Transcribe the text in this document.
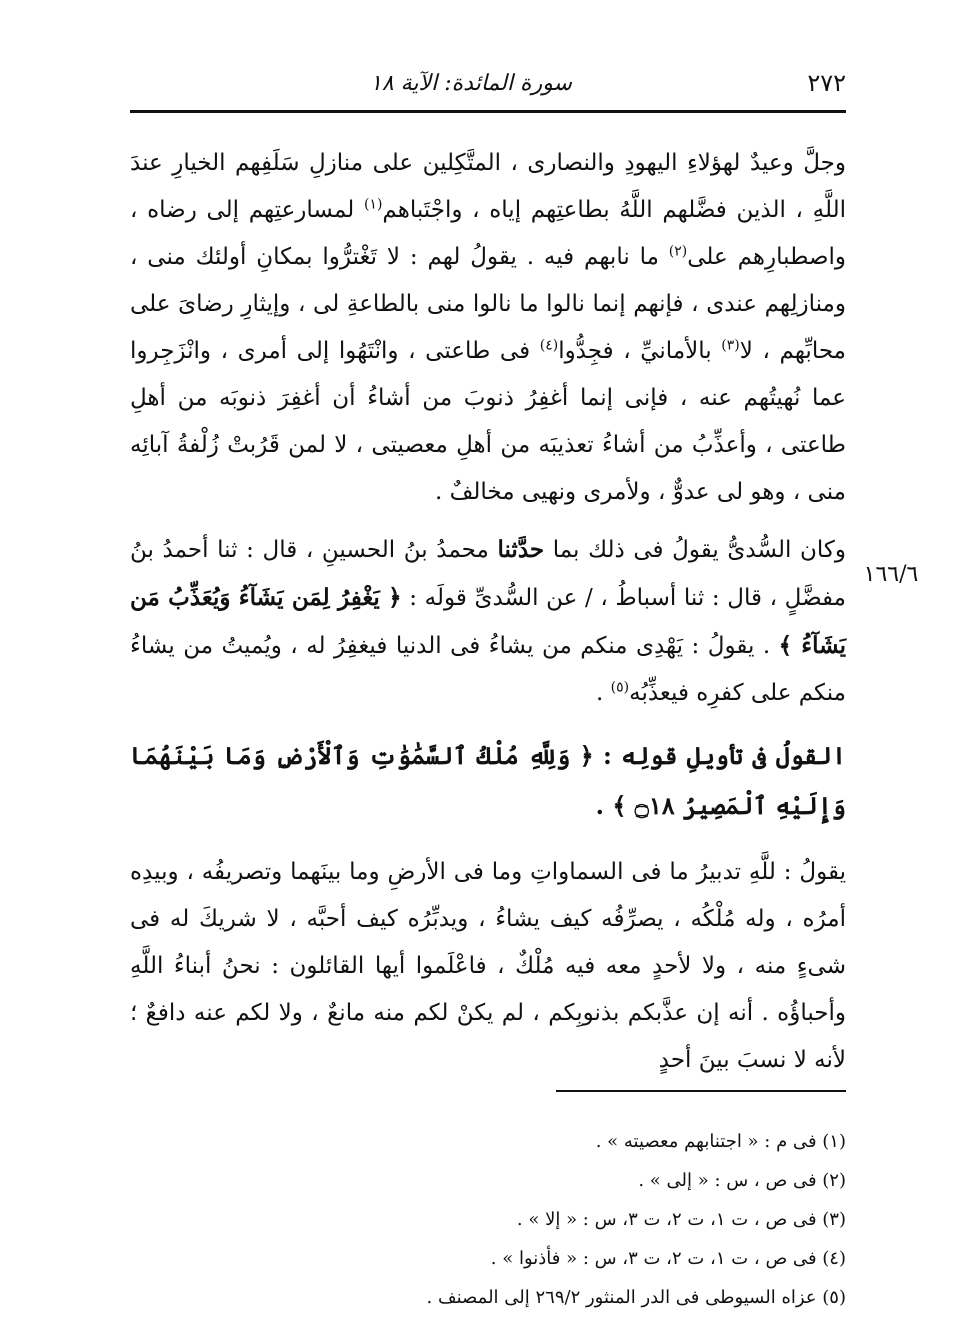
٢٧٢
سورة المائدة: الآية ١٨
١٦٦/٦

وجلَّ وعيدٌ لهؤلاءِ اليهودِ والنصارى ، المتَّكِلين على منازلِ سَلَفِهم الخيارِ عندَ اللَّهِ ، الذين فضَّلهم اللَّهُ بطاعتِهم إياه ، واجْتَباهم$^{(١)}$ لمسارعتِهم إلى رضاه ، واصطبارِهم على$^{(٢)}$ ما نابهم فيه . يقولُ لهم : لا تَغْترُّوا بمكانِ أولئك منى ، ومنازلِهم عندى ، فإنهم إنما نالوا ما نالوا منى بالطاعةِ لى ، وإيثارِ رضاىَ على محابِّهم ، لا$^{(٣)}$ بالأمانيِّ ، فجِدُّوا$^{(٤)}$ فى طاعتى ، وانْتَهُوا إلى أمرى ، وانْزَجِروا عما نُهيتُهم عنه ، فإنى إنما أغفِرُ ذنوبَ من أشاءُ أن أغفِرَ ذنوبَه من أهلِ طاعتى ، وأعذِّبُ من أشاءُ تعذيبَه من أهلِ معصيتى ، لا لمن قَرُبتْ زُلْفةُ آبائِه منى ، وهو لى عدوٌّ ، ولأمرى ونهيى مخالفٌ .

وكان السُّدىُّ يقولُ فى ذلك بما حدَّثنا محمدُ بنُ الحسينِ ، قال : ثنا أحمدُ بنُ مفضَّلٍ ، قال : ثنا أسباطُ ، / عن السُّدىِّ قولَه : ﴿ يَغْفِرُ لِمَن يَشَآءُ وَيُعَذِّبُ مَن يَشَآءُ ﴾ . يقولُ : يَهْدِى منكم من يشاءُ فى الدنيا فيغفِرُ له ، ويُميتُ من يشاءُ منكم على كفرِه فيعذِّبُه$^{(٥)}$ .

القولُ فى تأويلِ قولِه : ﴿ وَلِلَّهِ مُلْكُ ٱلسَّمَٰوَٰتِ وَٱلْأَرْضِ وَمَا بَيْنَهُمَا وَإِلَيْهِ ٱلْمَصِيرُ ۝١٨ ﴾ .

يقولُ : للَّهِ تدبيرُ ما فى السماواتِ وما فى الأرضِ وما بينَهما وتصريفُه ، وبيدِه أمرُه ، وله مُلْكُه ، يصرِّفُه كيف يشاءُ ، ويدبِّرُه كيف أحبَّه ، لا شريكَ له فى شىءٍ منه ، ولا لأحدٍ معه فيه مُلْكٌ ، فاعْلَموا أيها القائلون : نحنُ أبناءُ اللَّهِ وأحباؤُه . أنه إن عذَّبكم بذنوبِكم ، لم يكنْ لكم منه مانعٌ ، ولا لكم عنه دافعٌ ؛ لأنه لا نسبَ بينَ أحدٍ

(١) فى م : « اجتنابهم معصيته » .
(٢) فى ص ، س : « إلى » .
(٣) فى ص ، ت ١، ت ٢، ت ٣، س : « إلا » .
(٤) فى ص ، ت ١، ت ٢، ت ٣، س : « فأذنوا » .
(٥) عزاه السيوطى فى الدر المنثور ٢٦٩/٢ إلى المصنف .
